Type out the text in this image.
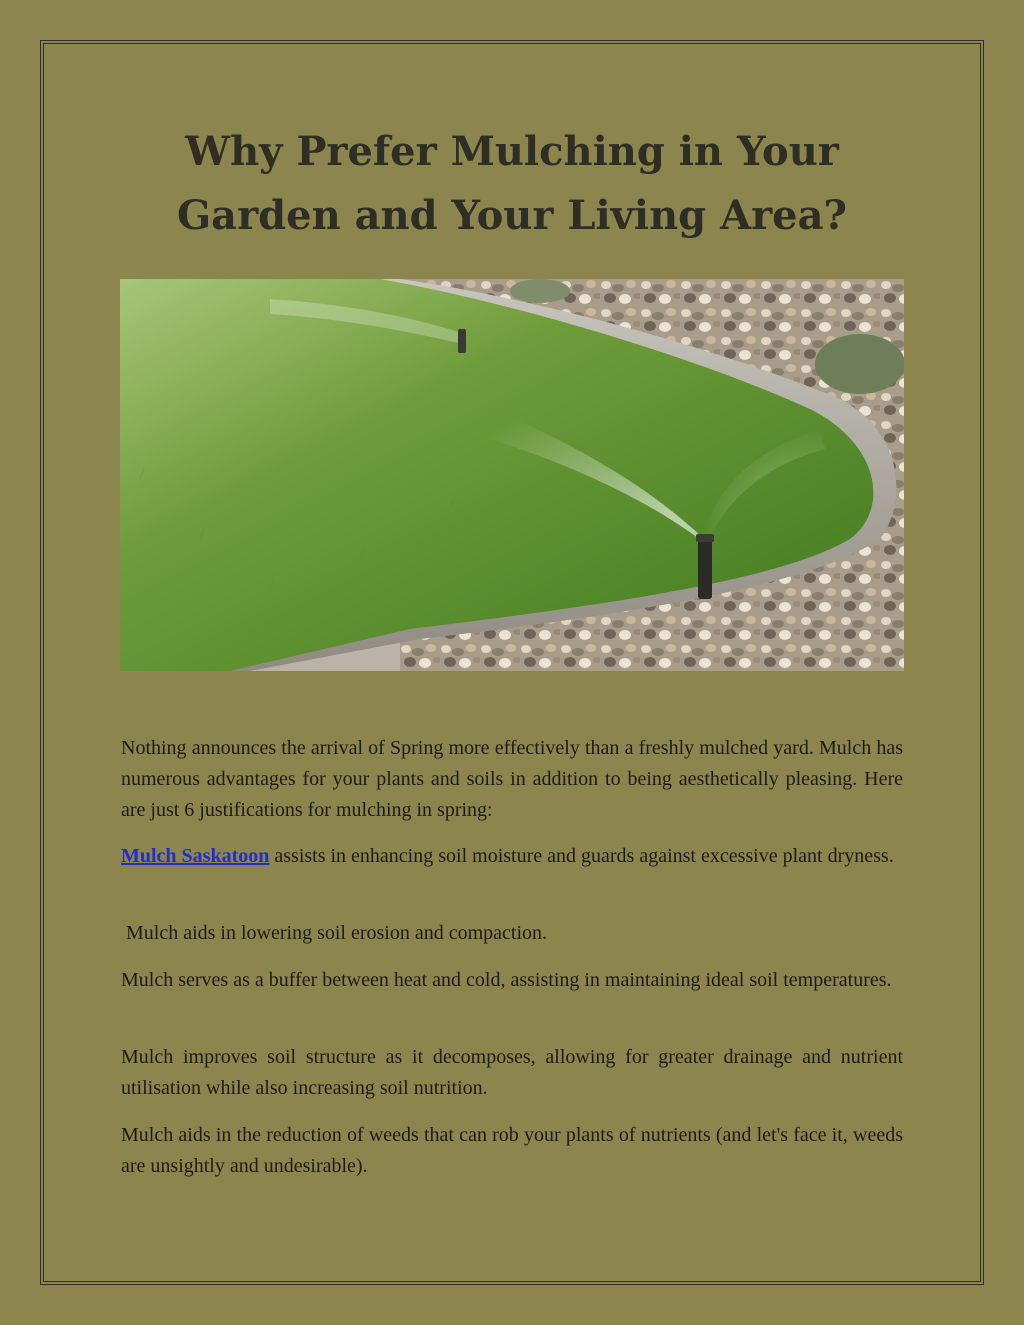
Why Prefer Mulching in Your Garden and Your Living Area?

Nothing announces the arrival of Spring more effectively than a freshly mulched yard. Mulch has numerous advantages for your plants and soils in addition to being aesthetically pleasing. Here are just 6 justifications for mulching in spring:

Mulch Saskatoon assists in enhancing soil moisture and guards against excessive plant dryness.

Mulch aids in lowering soil erosion and compaction.

Mulch serves as a buffer between heat and cold, assisting in maintaining ideal soil temperatures.

Mulch improves soil structure as it decomposes, allowing for greater drainage and nutrient utilisation while also increasing soil nutrition.

Mulch aids in the reduction of weeds that can rob your plants of nutrients (and let's face it, weeds are unsightly and undesirable).
